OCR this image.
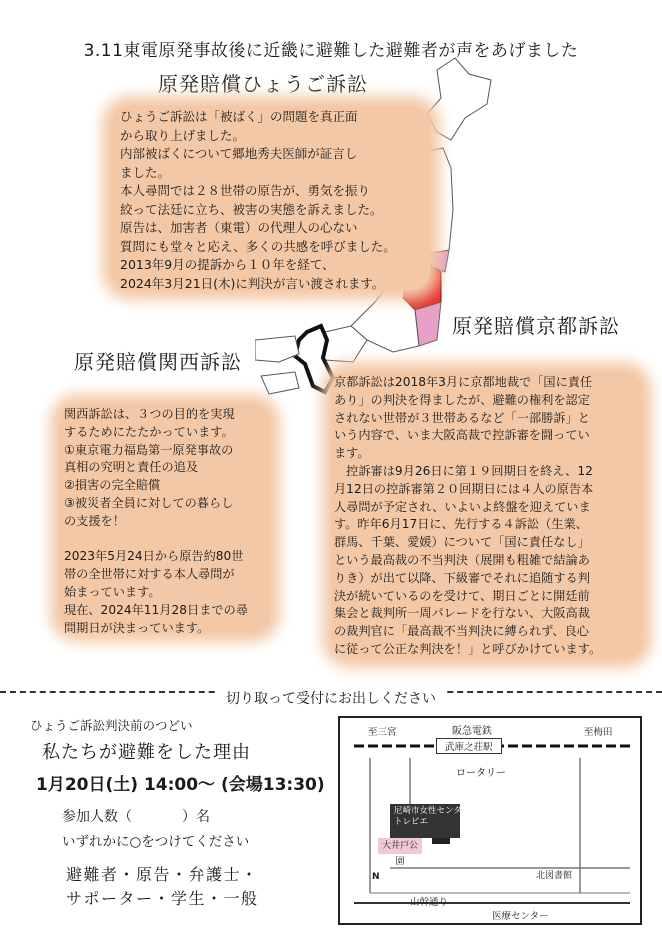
3.11東電原発事故後に近畿に避難した避難者が声をあげました
原発賠償ひょうご訴訟
ひょうご訴訟は「被ばく」の問題を真正面
から取り上げました。
内部被ばくについて郷地秀夫医師が証言し
ました。
本人尋問では２８世帯の原告が、勇気を振り
絞って法廷に立ち、被害の実態を訴えました。
原告は、加害者（東電）の代理人の心ない
質問にも堂々と応え、多くの共感を呼びました。
2013年9月の提訴から１０年を経て、
2024年3月21日(木)に判決が言い渡されます。
原発賠償京都訴訟
京都訴訟は2018年3月に京都地裁で「国に責任
あり」の判決を得ましたが、避難の権利を認定
されない世帯が３世帯あるなど「一部勝訴」と
いう内容で、いま大阪高裁で控訴審を闘ってい
ます。
　控訴審は9月26日に第１９回期日を終え、12
月12日の控訴審第２０回期日には４人の原告本
人尋問が予定され、いよいよ終盤を迎えていま
す。昨年6月17日に、先行する４訴訟（生業、
群馬、千葉、愛媛）について「国に責任なし」
という最高裁の不当判決（展開も粗雑で結論あ
りき）が出て以降、下級審でそれに追随する判
決が続いているのを受けて、期日ごとに開廷前
集会と裁判所一周パレードを行ない、大阪高裁
の裁判官に「最高裁不当判決に縛られず、良心
に従って公正な判決を！」と呼びかけています。
原発賠償関西訴訟
関西訴訟は、３つの目的を実現
するためにたたかっています。
①東京電力福島第一原発事故の
真相の究明と責任の追及
②損害の完全賠償
③被災者全員に対しての暮らし
の支援を！
2023年5月24日から原告約80世
帯の全世帯に対する本人尋問が
始まっています。
現在、2024年11月28日までの尋
問期日が決まっています。
切り取って受付にお出しください
ひょうご訴訟判決前のつどい
私たちが避難をした理由
1月20日(土) 14:00～ (会場13:30)
参加人数（	）名
いずれかに○をつけてください
避難者・原告・弁護士・
サポーター・学生・一般
至三宮	阪急電鉄	至梅田
武庫之荘駅
ロータリー
尼崎市女性センター
トレピエ
大井戸公園
N	北図書館
山幹通り
医療センター
